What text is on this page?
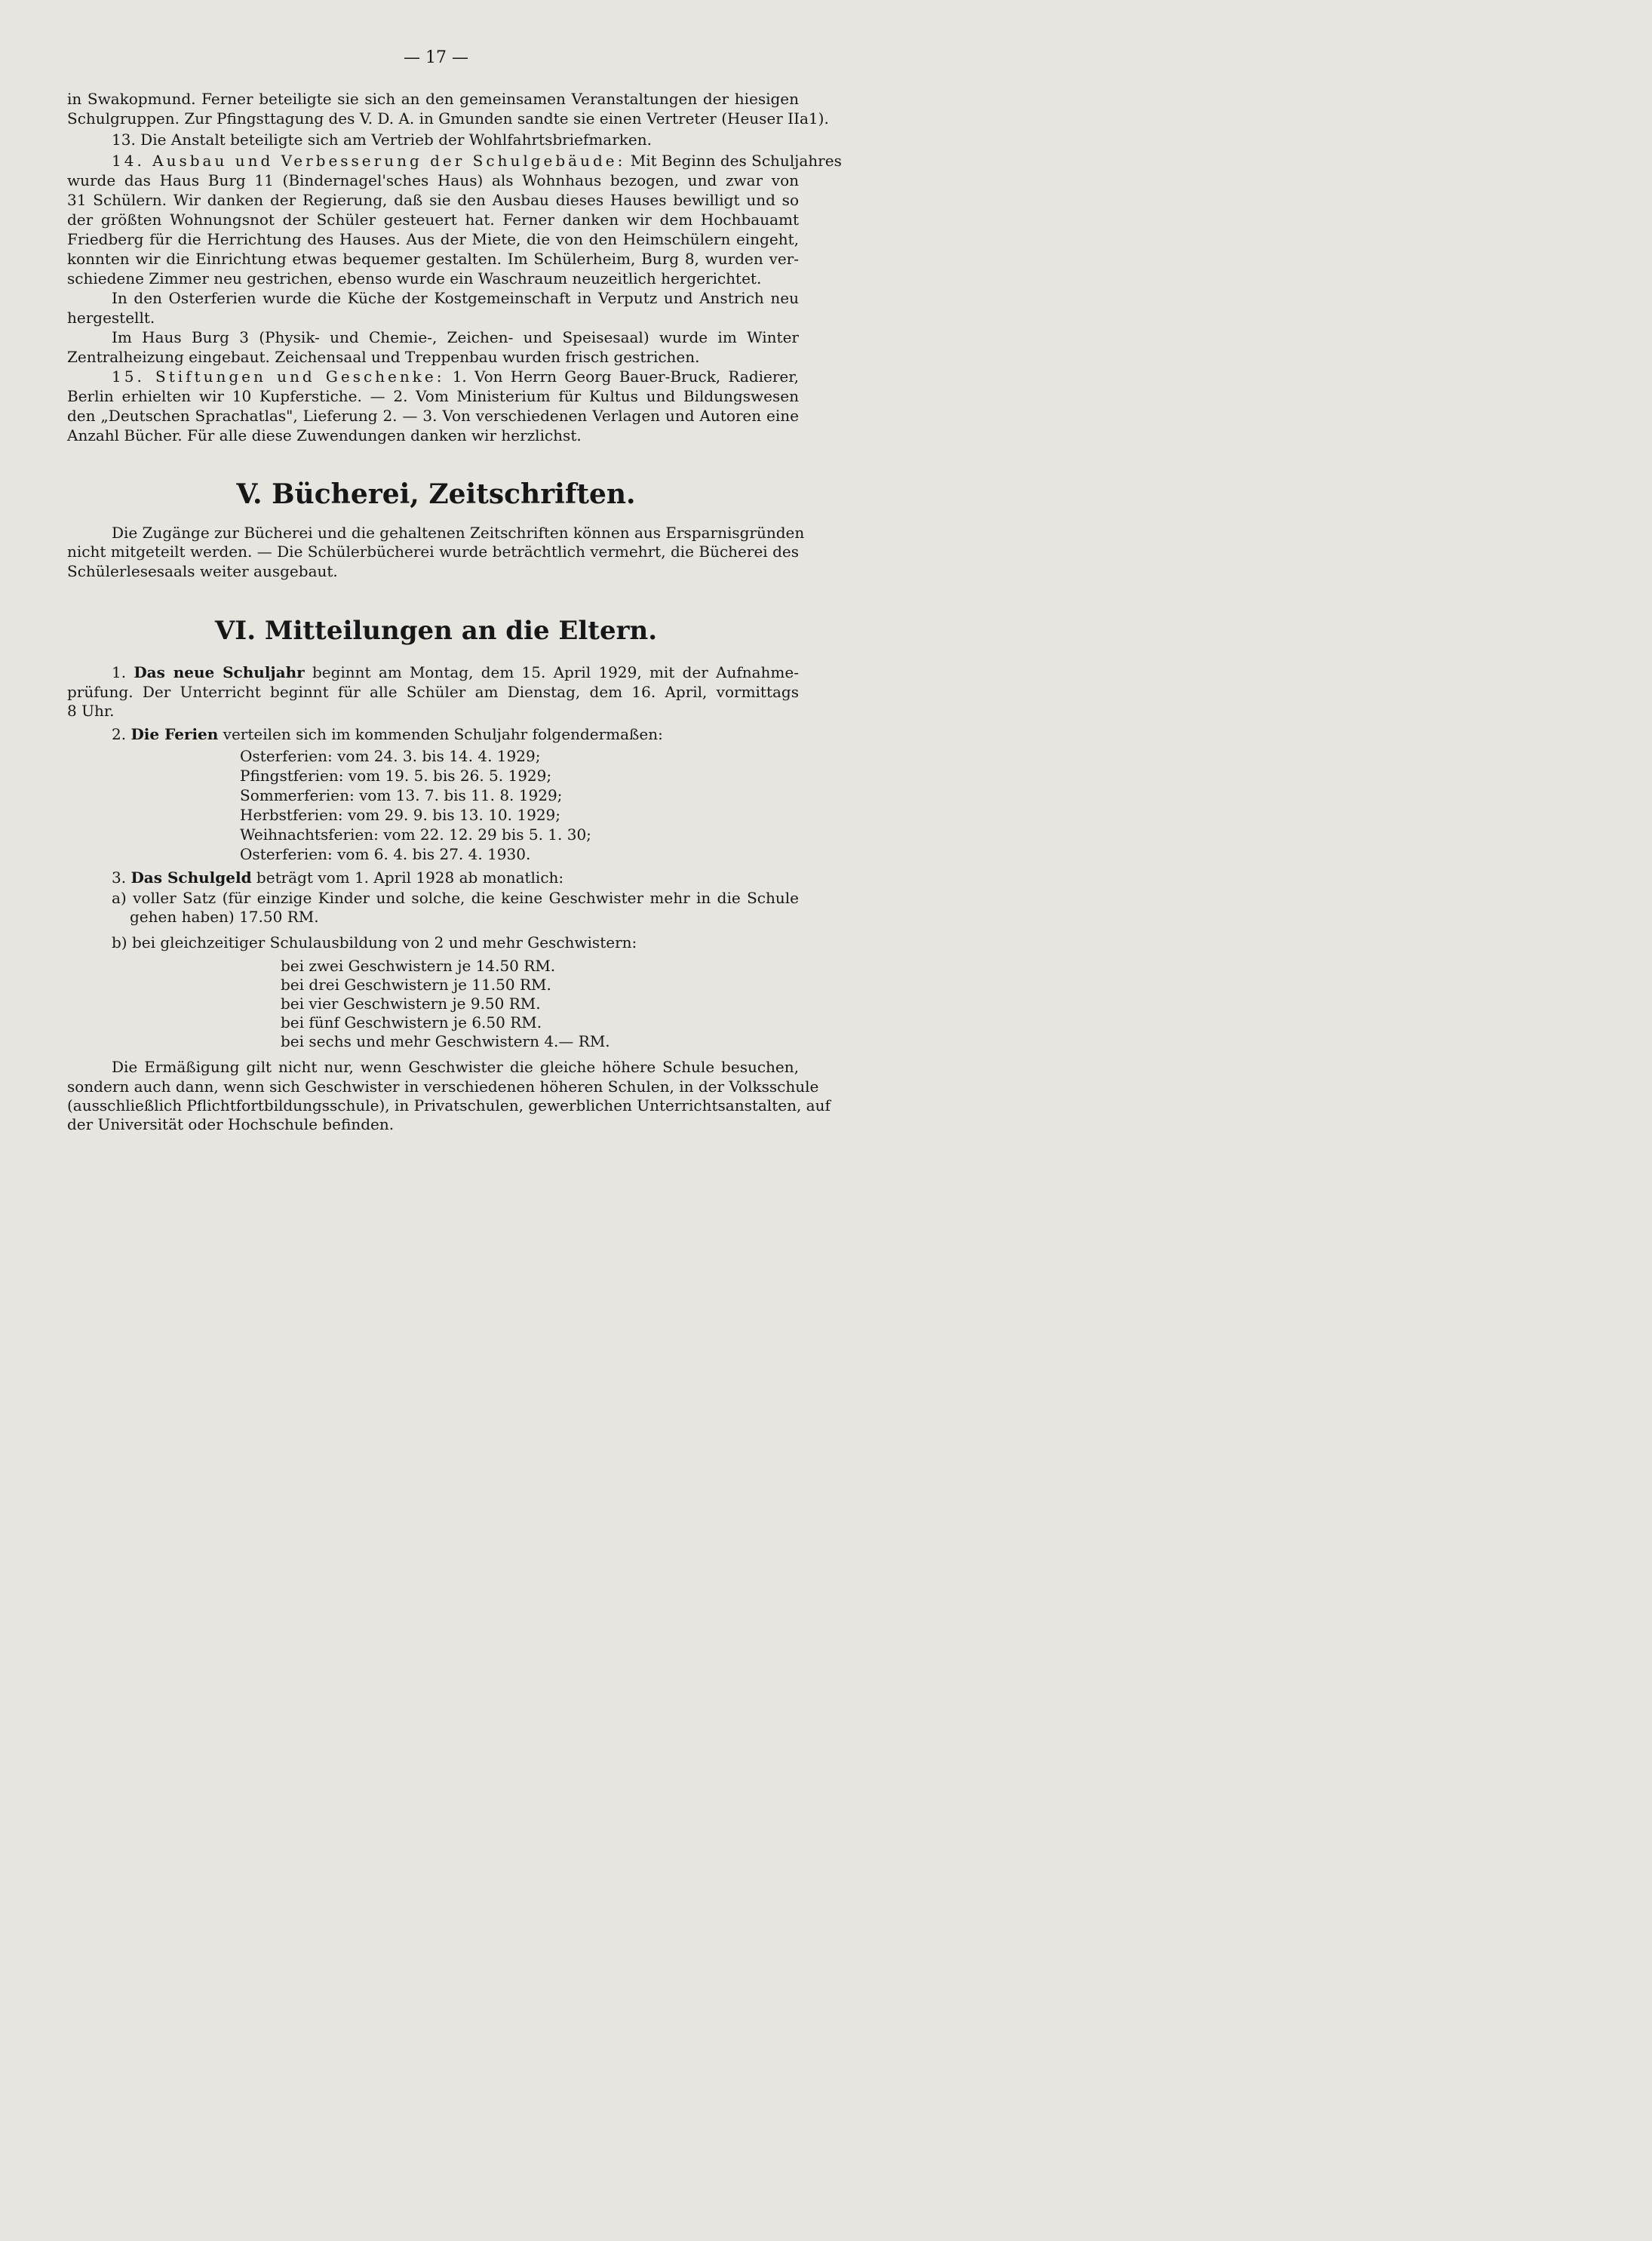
— 17 —
in Swakopmund. Ferner beteiligte sie sich an den gemeinsamen Veranstaltungen der hiesigen
Schulgruppen. Zur Pfingsttagung des V. D. A. in Gmunden sandte sie einen Vertreter (Heuser IIa1).
13. Die Anstalt beteiligte sich am Vertrieb der Wohlfahrtsbriefmarken.
14. Ausbau und Verbesserung der Schulgebäude: Mit Beginn des Schuljahres
wurde das Haus Burg 11 (Bindernagel'sches Haus) als Wohnhaus bezogen, und zwar von
31 Schülern. Wir danken der Regierung, daß sie den Ausbau dieses Hauses bewilligt und so
der größten Wohnungsnot der Schüler gesteuert hat. Ferner danken wir dem Hochbauamt
Friedberg für die Herrichtung des Hauses. Aus der Miete, die von den Heimschülern eingeht,
konnten wir die Einrichtung etwas bequemer gestalten. Im Schülerheim, Burg 8, wurden ver-
schiedene Zimmer neu gestrichen, ebenso wurde ein Waschraum neuzeitlich hergerichtet.
In den Osterferien wurde die Küche der Kostgemeinschaft in Verputz und Anstrich neu
hergestellt.
Im Haus Burg 3 (Physik- und Chemie-, Zeichen- und Speisesaal) wurde im Winter
Zentralheizung eingebaut. Zeichensaal und Treppenbau wurden frisch gestrichen.
15. Stiftungen und Geschenke: 1. Von Herrn Georg Bauer-Bruck, Radierer,
Berlin erhielten wir 10 Kupferstiche. — 2. Vom Ministerium für Kultus und Bildungswesen
den „Deutschen Sprachatlas", Lieferung 2. — 3. Von verschiedenen Verlagen und Autoren eine
Anzahl Bücher. Für alle diese Zuwendungen danken wir herzlichst.
V. Bücherei, Zeitschriften.
Die Zugänge zur Bücherei und die gehaltenen Zeitschriften können aus Ersparnisgründen
nicht mitgeteilt werden. — Die Schülerbücherei wurde beträchtlich vermehrt, die Bücherei des
Schülerlesesaals weiter ausgebaut.
VI. Mitteilungen an die Eltern.
1. Das neue Schuljahr beginnt am Montag, dem 15. April 1929, mit der Aufnahme-
prüfung. Der Unterricht beginnt für alle Schüler am Dienstag, dem 16. April, vormittags
8 Uhr.
2. Die Ferien verteilen sich im kommenden Schuljahr folgendermaßen:
Osterferien: vom 24. 3. bis 14. 4. 1929;
Pfingstferien: vom 19. 5. bis 26. 5. 1929;
Sommerferien: vom 13. 7. bis 11. 8. 1929;
Herbstferien: vom 29. 9. bis 13. 10. 1929;
Weihnachtsferien: vom 22. 12. 29 bis 5. 1. 30;
Osterferien: vom 6. 4. bis 27. 4. 1930.
3. Das Schulgeld beträgt vom 1. April 1928 ab monatlich:
a) voller Satz (für einzige Kinder und solche, die keine Geschwister mehr in die Schule
gehen haben) 17.50 RM.
b) bei gleichzeitiger Schulausbildung von 2 und mehr Geschwistern:
bei zwei Geschwistern je 14.50 RM.
bei drei Geschwistern je 11.50 RM.
bei vier Geschwistern je 9.50 RM.
bei fünf Geschwistern je 6.50 RM.
bei sechs und mehr Geschwistern 4.— RM.
Die Ermäßigung gilt nicht nur, wenn Geschwister die gleiche höhere Schule besuchen,
sondern auch dann, wenn sich Geschwister in verschiedenen höheren Schulen, in der Volksschule
(ausschließlich Pflichtfortbildungsschule), in Privatschulen, gewerblichen Unterrichtsanstalten, auf
der Universität oder Hochschule befinden.
